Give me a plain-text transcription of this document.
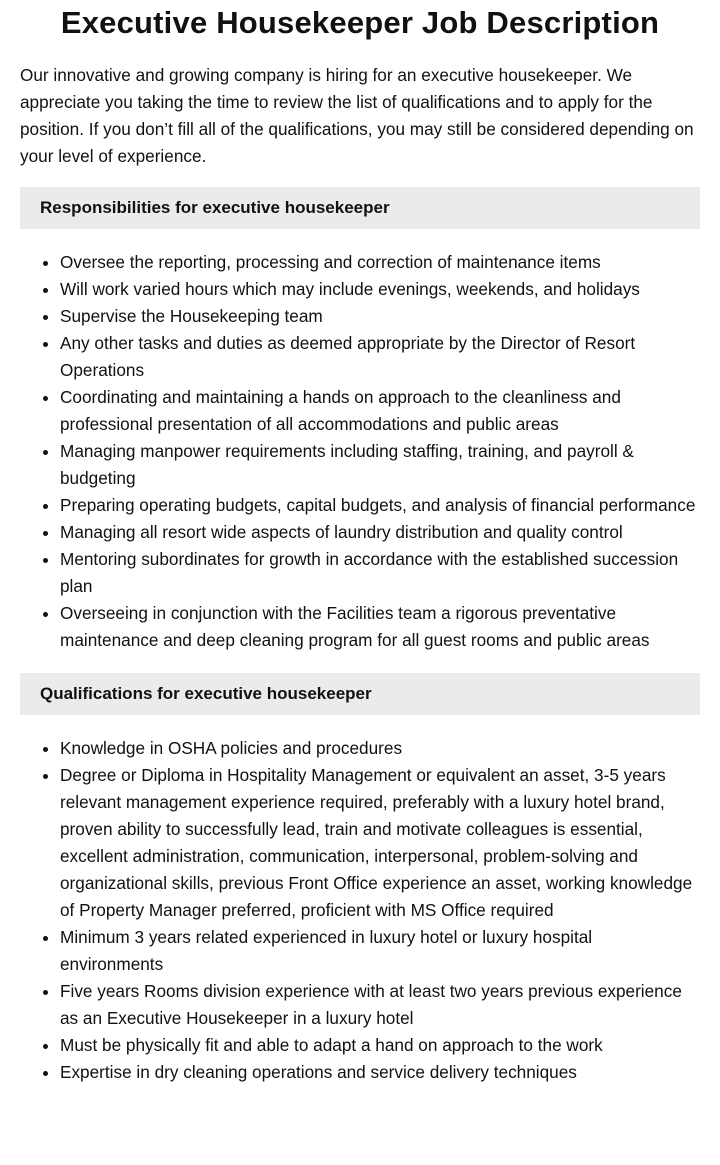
Executive Housekeeper Job Description

Our innovative and growing company is hiring for an executive housekeeper. We appreciate you taking the time to review the list of qualifications and to apply for the position. If you don’t fill all of the qualifications, you may still be considered depending on your level of experience.

Responsibilities for executive housekeeper
• Oversee the reporting, processing and correction of maintenance items
• Will work varied hours which may include evenings, weekends, and holidays
• Supervise the Housekeeping team
• Any other tasks and duties as deemed appropriate by the Director of Resort Operations
• Coordinating and maintaining a hands on approach to the cleanliness and professional presentation of all accommodations and public areas
• Managing manpower requirements including staffing, training, and payroll & budgeting
• Preparing operating budgets, capital budgets, and analysis of financial performance
• Managing all resort wide aspects of laundry distribution and quality control
• Mentoring subordinates for growth in accordance with the established succession plan
• Overseeing in conjunction with the Facilities team a rigorous preventative maintenance and deep cleaning program for all guest rooms and public areas
Qualifications for executive housekeeper
• Knowledge in OSHA policies and procedures
• Degree or Diploma in Hospitality Management or equivalent an asset, 3-5 years relevant management experience required, preferably with a luxury hotel brand, proven ability to successfully lead, train and motivate colleagues is essential, excellent administration, communication, interpersonal, problem-solving and organizational skills, previous Front Office experience an asset, working knowledge of Property Manager preferred, proficient with MS Office required
• Minimum 3 years related experienced in luxury hotel or luxury hospital environments
• Five years Rooms division experience with at least two years previous experience as an Executive Housekeeper in a luxury hotel
• Must be physically fit and able to adapt a hand on approach to the work
• Expertise in dry cleaning operations and service delivery techniques
